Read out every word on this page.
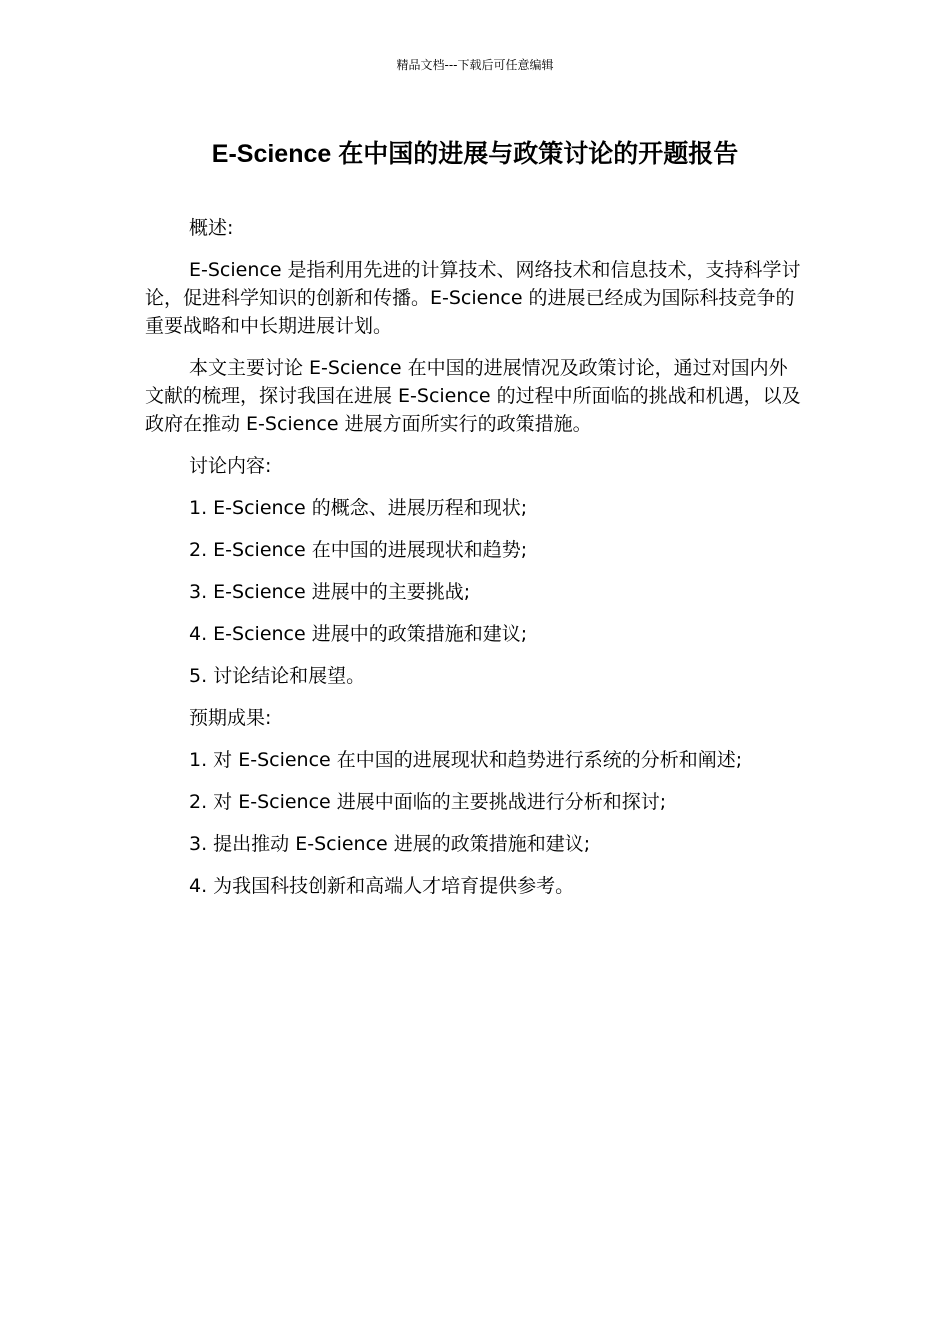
精品文档---下载后可任意编辑
E-Science 在中国的进展与政策讨论的开题报告

概述:

E-Science 是指利用先进的计算技术、网络技术和信息技术，支持科学讨论，促进科学知识的创新和传播。E-Science 的进展已经成为国际科技竞争的重要战略和中长期进展计划。

本文主要讨论 E-Science 在中国的进展情况及政策讨论，通过对国内外文献的梳理，探讨我国在进展 E-Science 的过程中所面临的挑战和机遇，以及政府在推动 E-Science 进展方面所实行的政策措施。

讨论内容:

1. E-Science 的概念、进展历程和现状;

2. E-Science 在中国的进展现状和趋势;

3. E-Science 进展中的主要挑战;

4. E-Science 进展中的政策措施和建议;

5. 讨论结论和展望。

预期成果:

1. 对 E-Science 在中国的进展现状和趋势进行系统的分析和阐述;

2. 对 E-Science 进展中面临的主要挑战进行分析和探讨;

3. 提出推动 E-Science 进展的政策措施和建议;

4. 为我国科技创新和高端人才培育提供参考。
